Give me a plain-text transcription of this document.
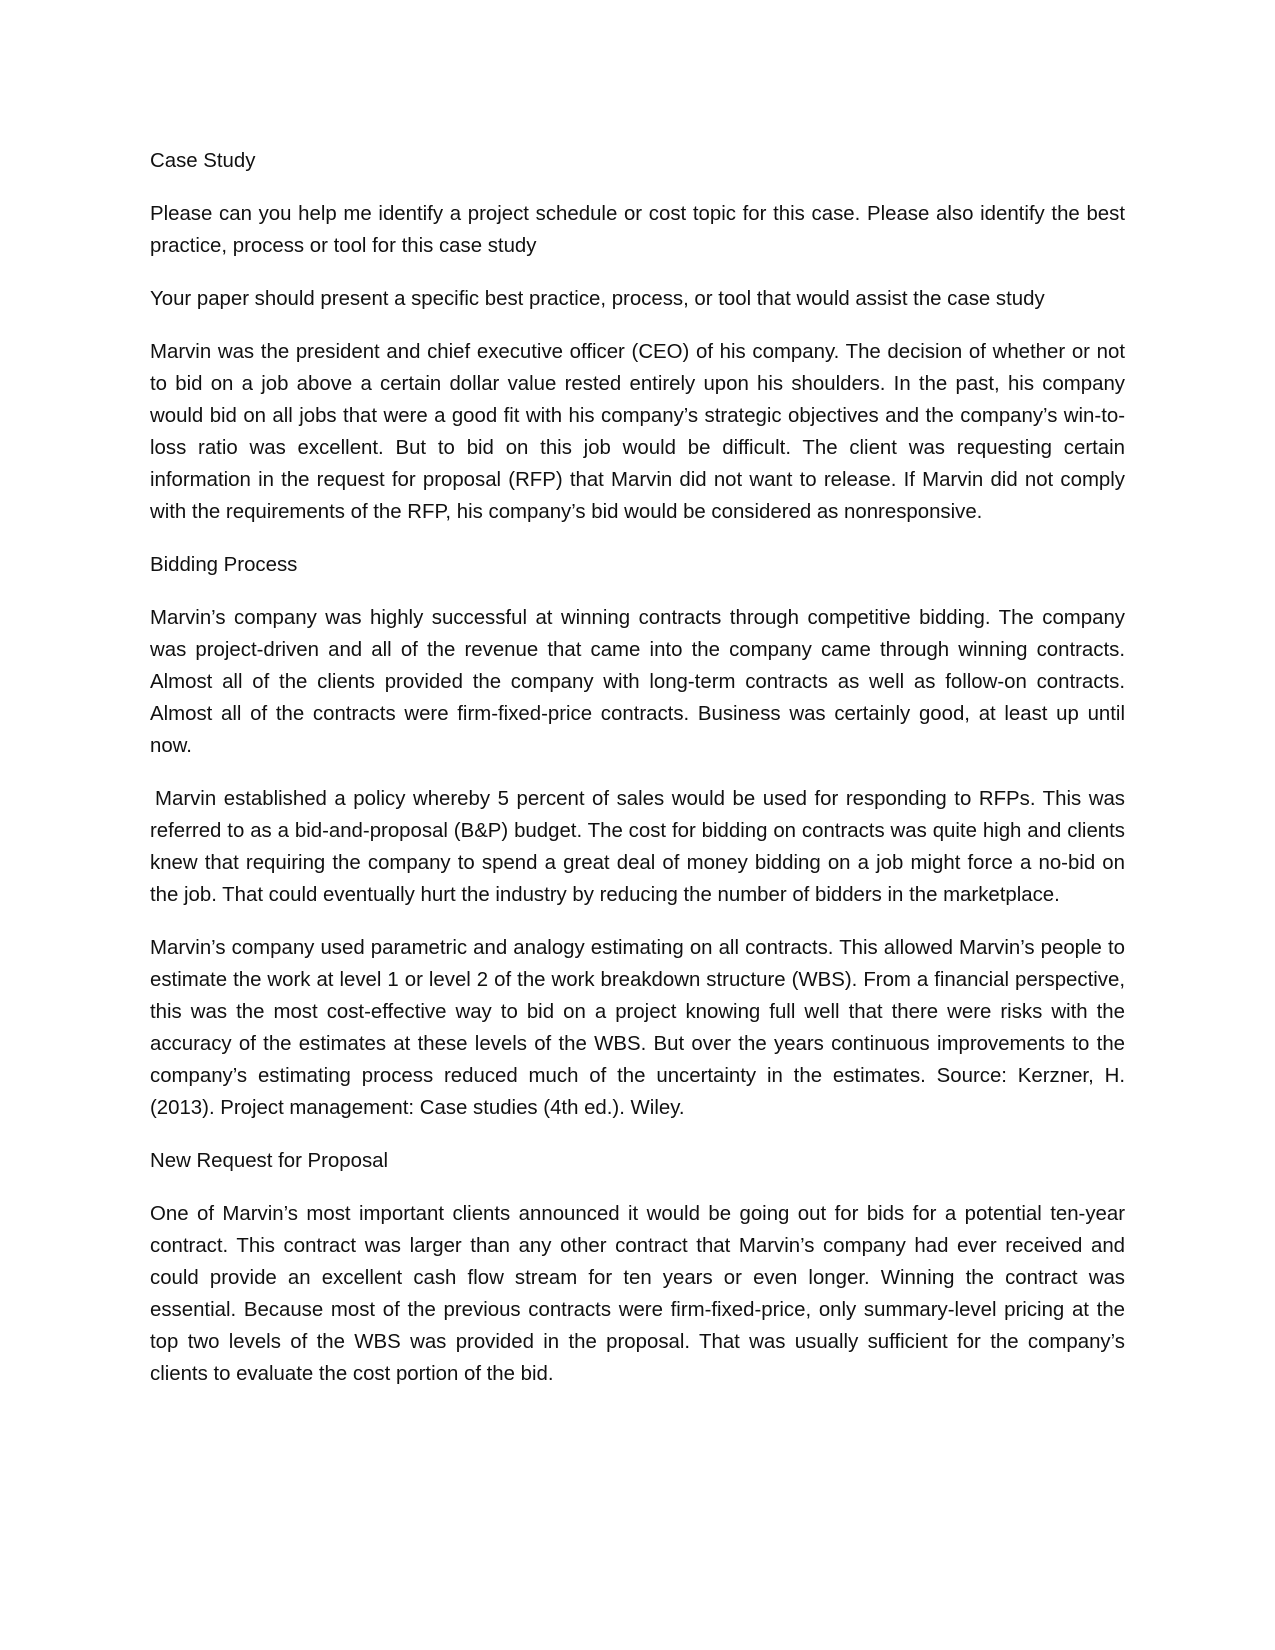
Case Study

Please can you help me identify a project schedule or cost topic for this case. Please also identify the best practice, process or tool for this case study

Your paper should present a specific best practice, process, or tool that would assist the case study

Marvin was the president and chief executive officer (CEO) of his company. The decision of whether or not to bid on a job above a certain dollar value rested entirely upon his shoulders. In the past, his company would bid on all jobs that were a good fit with his company’s strategic objectives and the company’s win-to-loss ratio was excellent. But to bid on this job would be difficult. The client was requesting certain information in the request for proposal (RFP) that Marvin did not want to release. If Marvin did not comply with the requirements of the RFP, his company’s bid would be considered as nonresponsive.

Bidding Process

Marvin’s company was highly successful at winning contracts through competitive bidding. The company was project-driven and all of the revenue that came into the company came through winning contracts. Almost all of the clients provided the company with long-term contracts as well as follow-on contracts. Almost all of the contracts were firm-fixed-price contracts. Business was certainly good, at least up until now.

Marvin established a policy whereby 5 percent of sales would be used for responding to RFPs. This was referred to as a bid-and-proposal (B&P) budget. The cost for bidding on contracts was quite high and clients knew that requiring the company to spend a great deal of money bidding on a job might force a no-bid on the job. That could eventually hurt the industry by reducing the number of bidders in the marketplace.

Marvin’s company used parametric and analogy estimating on all contracts. This allowed Marvin’s people to estimate the work at level 1 or level 2 of the work breakdown structure (WBS). From a financial perspective, this was the most cost-effective way to bid on a project knowing full well that there were risks with the accuracy of the estimates at these levels of the WBS. But over the years continuous improvements to the company’s estimating process reduced much of the uncertainty in the estimates. Source: Kerzner, H. (2013). Project management: Case studies (4th ed.). Wiley.

New Request for Proposal

One of Marvin’s most important clients announced it would be going out for bids for a potential ten-year contract. This contract was larger than any other contract that Marvin’s company had ever received and could provide an excellent cash flow stream for ten years or even longer. Winning the contract was essential. Because most of the previous contracts were firm-fixed-price, only summary-level pricing at the top two levels of the WBS was provided in the proposal. That was usually sufficient for the company’s clients to evaluate the cost portion of the bid.
